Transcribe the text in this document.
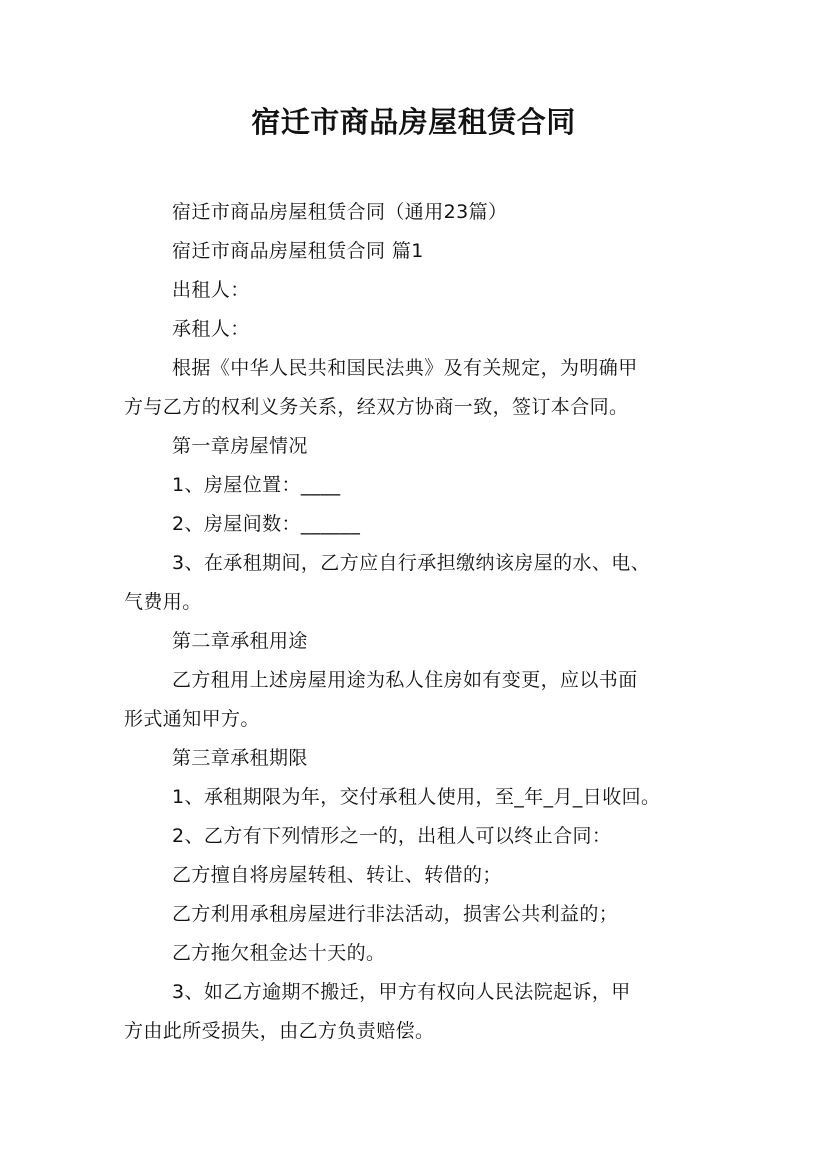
宿迁市商品房屋租赁合同
宿迁市商品房屋租赁合同（通用23篇）
宿迁市商品房屋租赁合同 篇1
出租人：
承租人：
根据《中华人民共和国民法典》及有关规定，为明确甲
方与乙方的权利义务关系，经双方协商一致，签订本合同。
第一章房屋情况
1、房屋位置：____
2、房屋间数：______
3、在承租期间，乙方应自行承担缴纳该房屋的水、电、
气费用。
第二章承租用途
乙方租用上述房屋用途为私人住房如有变更，应以书面
形式通知甲方。
第三章承租期限
1、承租期限为年，交付承租人使用，至_年_月_日收回。
2、乙方有下列情形之一的，出租人可以终止合同：
乙方擅自将房屋转租、转让、转借的；
乙方利用承租房屋进行非法活动，损害公共利益的；
乙方拖欠租金达十天的。
3、如乙方逾期不搬迁，甲方有权向人民法院起诉，甲
方由此所受损失，由乙方负责赔偿。
